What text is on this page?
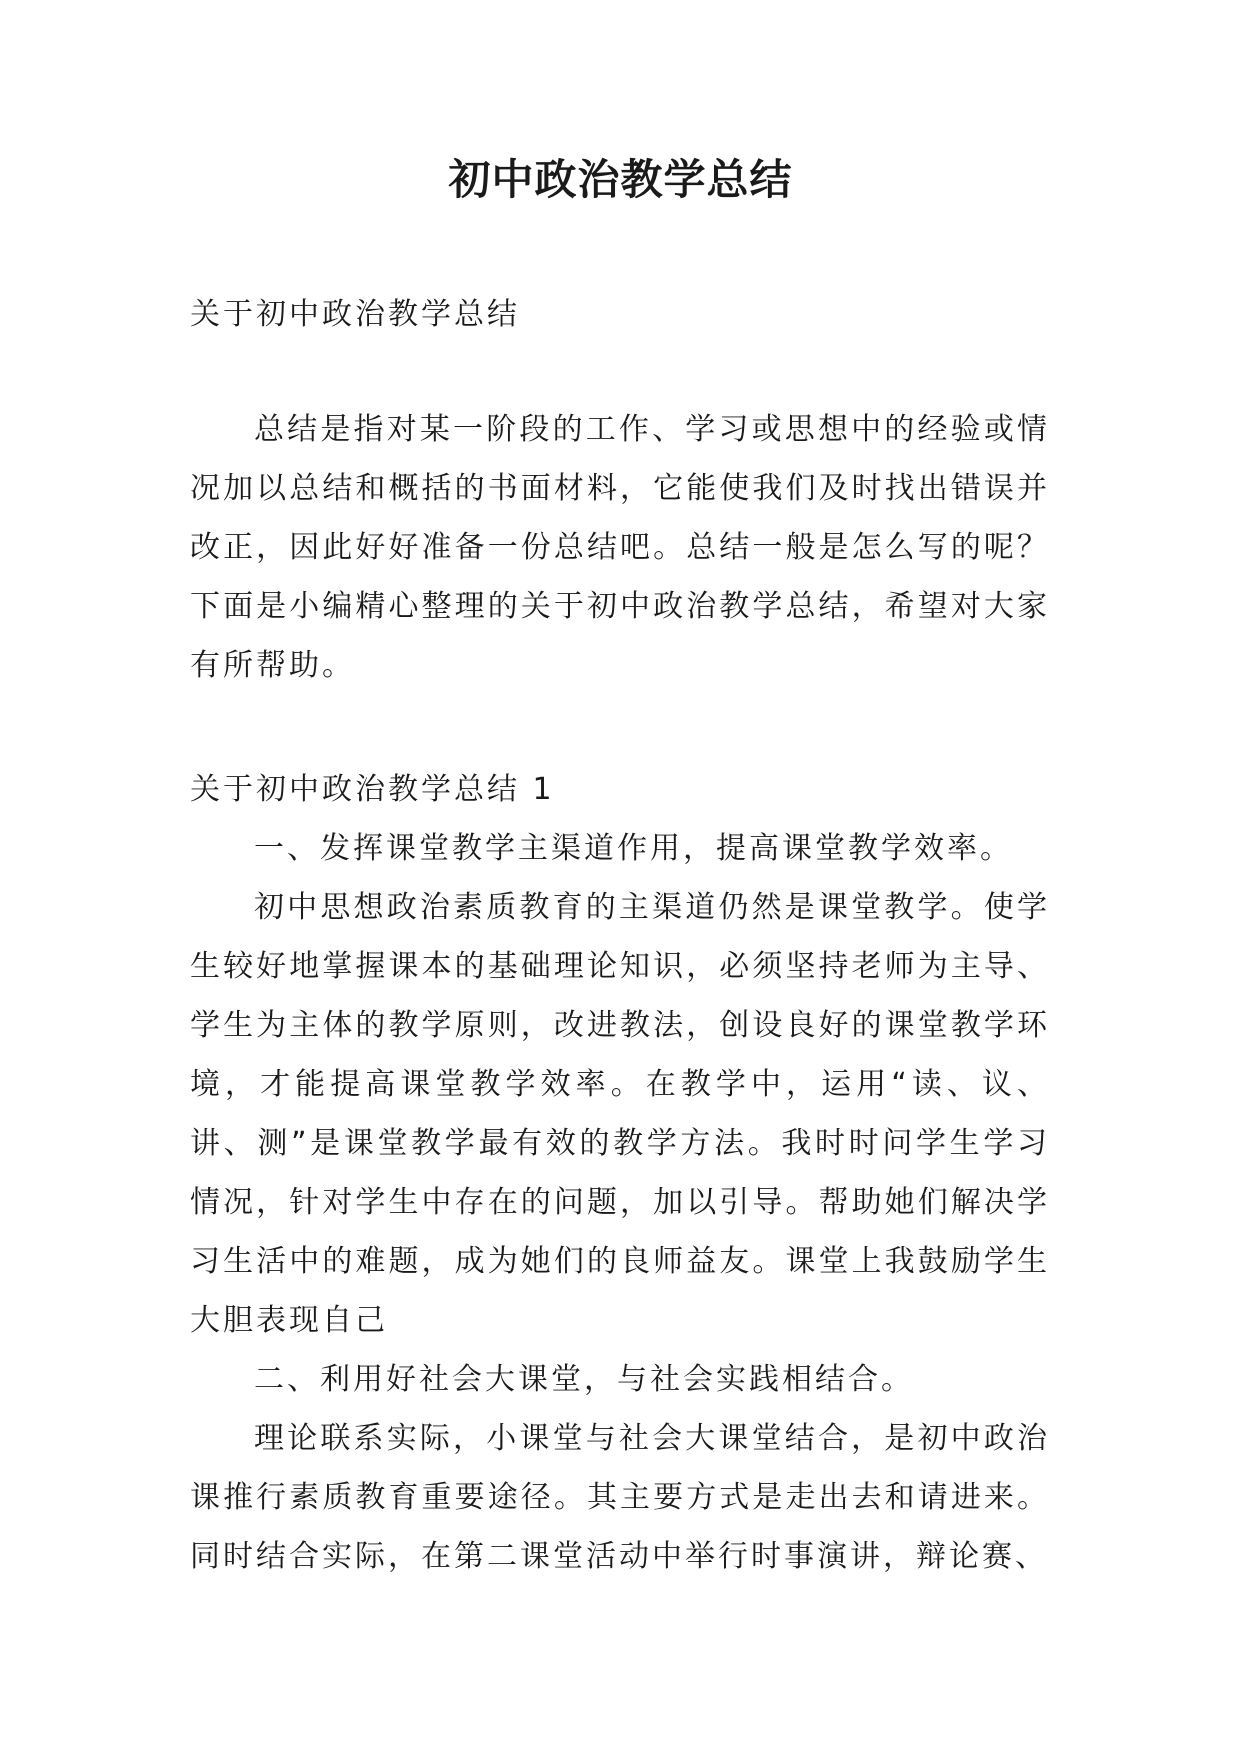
初中政治教学总结
关于初中政治教学总结
总结是指对某一阶段的工作、学习或思想中的经验或情况加以总结和概括的书面材料，它能使我们及时找出错误并改正，因此好好准备一份总结吧。总结一般是怎么写的呢？下面是小编精心整理的关于初中政治教学总结，希望对大家有所帮助。

关于初中政治教学总结 1

一、发挥课堂教学主渠道作用，提高课堂教学效率。

初中思想政治素质教育的主渠道仍然是课堂教学。使学生较好地掌握课本的基础理论知识，必须坚持老师为主导、学生为主体的教学原则，改进教法，创设良好的课堂教学环境，才能提高课堂教学效率。在教学中，运用“读、议、讲、测”是课堂教学最有效的教学方法。我时时问学生学习情况，针对学生中存在的问题，加以引导。帮助她们解决学习生活中的难题，成为她们的良师益友。课堂上我鼓励学生大胆表现自己

二、利用好社会大课堂，与社会实践相结合。

理论联系实际，小课堂与社会大课堂结合，是初中政治课推行素质教育重要途径。其主要方式是走出去和请进来。同时结合实际，在第二课堂活动中举行时事演讲，辩论赛、
